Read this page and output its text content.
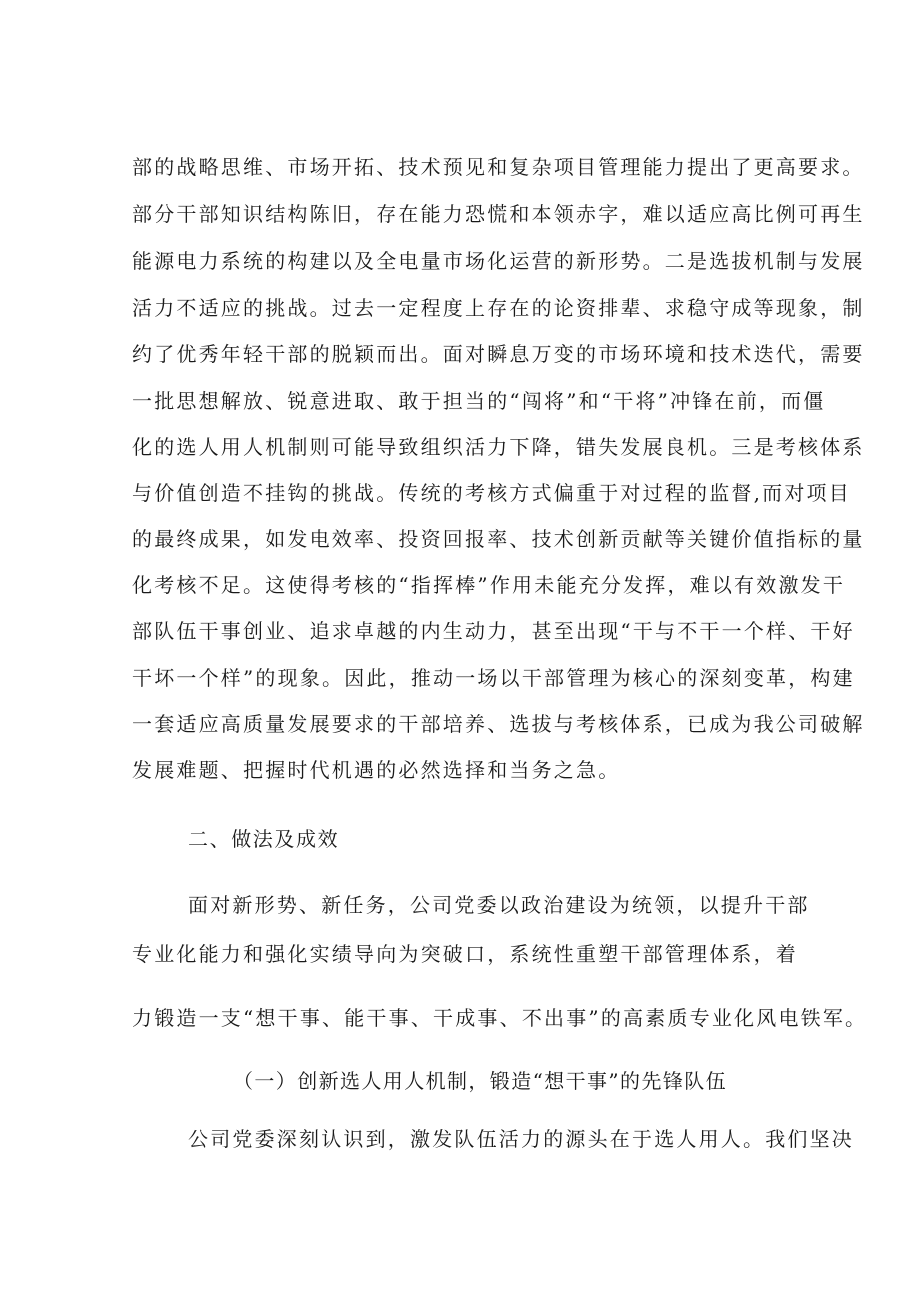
部的战略思维、市场开拓、技术预见和复杂项目管理能力提出了更高要求。
部分干部知识结构陈旧，存在能力恐慌和本领赤字，难以适应高比例可再生
能源电力系统的构建以及全电量市场化运营的新形势。二是选拔机制与发展
活力不适应的挑战。过去一定程度上存在的论资排辈、求稳守成等现象，制
约了优秀年轻干部的脱颖而出。面对瞬息万变的市场环境和技术迭代，需要
一批思想解放、锐意进取、敢于担当的“闯将”和“干将”冲锋在前，而僵
化的选人用人机制则可能导致组织活力下降，错失发展良机。三是考核体系
与价值创造不挂钩的挑战。传统的考核方式偏重于对过程的监督,而对项目
的最终成果，如发电效率、投资回报率、技术创新贡献等关键价值指标的量
化考核不足。这使得考核的“指挥棒”作用未能充分发挥，难以有效激发干
部队伍干事创业、追求卓越的内生动力，甚至出现“干与不干一个样、干好
干坏一个样”的现象。因此，推动一场以干部管理为核心的深刻变革，构建
一套适应高质量发展要求的干部培养、选拔与考核体系，已成为我公司破解
发展难题、把握时代机遇的必然选择和当务之急。
二、做法及成效
面对新形势、新任务，公司党委以政治建设为统领，以提升干部
专业化能力和强化实绩导向为突破口，系统性重塑干部管理体系，着
力锻造一支“想干事、能干事、干成事、不出事”的高素质专业化风电铁军。
（一）创新选人用人机制，锻造“想干事”的先锋队伍
公司党委深刻认识到，激发队伍活力的源头在于选人用人。我们坚决
